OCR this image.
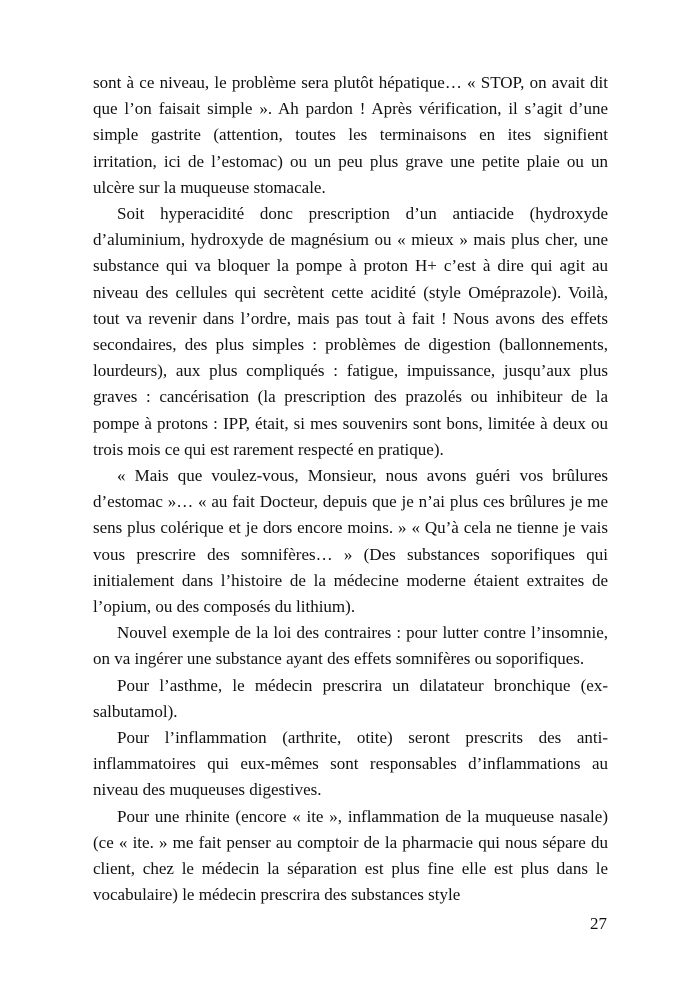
sont à ce niveau, le problème sera plutôt hépatique… « STOP, on avait dit que l’on faisait simple ». Ah pardon ! Après vérification, il s’agit d’une simple gastrite (attention, toutes les terminaisons en ites signifient irritation, ici de l’estomac) ou un peu plus grave une petite plaie ou un ulcère sur la muqueuse stomacale.

Soit hyperacidité donc prescription d’un antiacide (hydroxyde d’aluminium, hydroxyde de magnésium ou « mieux » mais plus cher, une substance qui va bloquer la pompe à proton H+ c’est à dire qui agit au niveau des cellules qui secrètent cette acidité (style Oméprazole). Voilà, tout va revenir dans l’ordre, mais pas tout à fait ! Nous avons des effets secondaires, des plus simples : problèmes de digestion (ballonnements, lourdeurs), aux plus compliqués : fatigue, impuissance, jusqu’aux plus graves : cancérisation (la prescription des prazolés ou inhibiteur de la pompe à protons : IPP, était, si mes souvenirs sont bons, limitée à deux ou trois mois ce qui est rarement respecté en pratique).

« Mais que voulez-vous, Monsieur, nous avons guéri vos brûlures d’estomac »… « au fait Docteur, depuis que je n’ai plus ces brûlures je me sens plus colérique et je dors encore moins. » « Qu’à cela ne tienne je vais vous prescrire des somnifères… » (Des substances soporifiques qui initialement dans l’histoire de la médecine moderne étaient extraites de l’opium, ou des composés du lithium).

Nouvel exemple de la loi des contraires : pour lutter contre l’insomnie, on va ingérer une substance ayant des effets somnifères ou soporifiques.

Pour l’asthme, le médecin prescrira un dilatateur bronchique (ex-salbutamol).

Pour l’inflammation (arthrite, otite) seront prescrits des anti-inflammatoires qui eux-mêmes sont responsables d’inflammations au niveau des muqueuses digestives.

Pour une rhinite (encore « ite », inflammation de la muqueuse nasale) (ce « ite. » me fait penser au comptoir de la pharmacie qui nous sépare du client, chez le médecin la séparation est plus fine elle est plus dans le vocabulaire) le médecin prescrira des substances style

27
